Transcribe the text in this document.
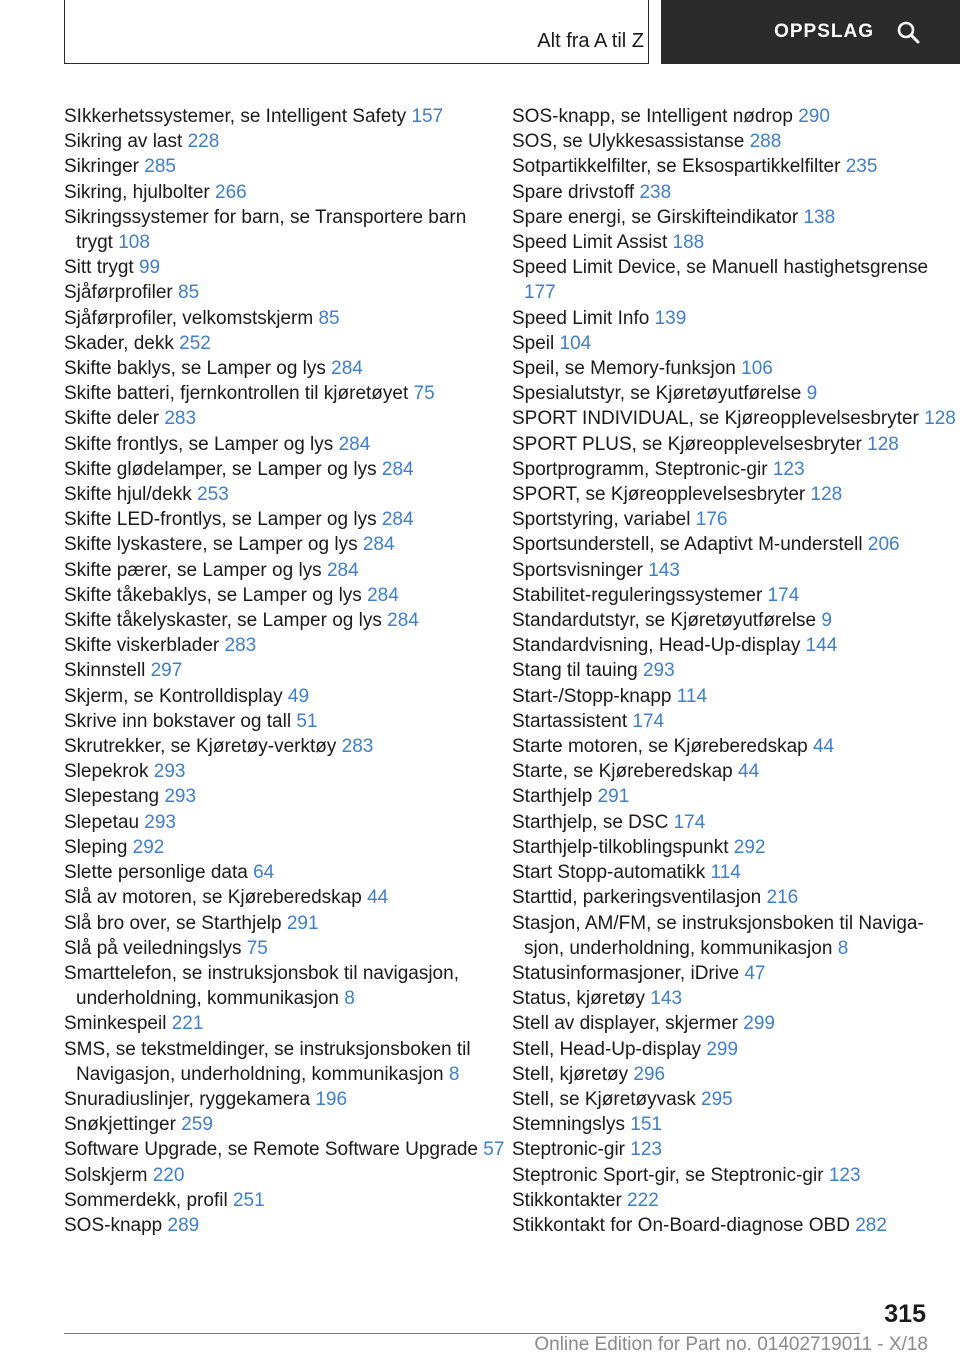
Alt fra A til Z	OPPSLAG
SIkkerhetssystemer, se Intelligent Safety 157
Sikring av last 228
Sikringer 285
Sikring, hjulbolter 266
Sikringssystemer for barn, se Transportere barn trygt 108
Sitt trygt 99
Sjåførprofiler 85
Sjåførprofiler, velkomstskjerm 85
Skader, dekk 252
Skifte baklys, se Lamper og lys 284
Skifte batteri, fjernkontrollen til kjøretøyet 75
Skifte deler 283
Skifte frontlys, se Lamper og lys 284
Skifte glødelamper, se Lamper og lys 284
Skifte hjul/dekk 253
Skifte LED-frontlys, se Lamper og lys 284
Skifte lyskastere, se Lamper og lys 284
Skifte pærer, se Lamper og lys 284
Skifte tåkebaklys, se Lamper og lys 284
Skifte tåkelyskaster, se Lamper og lys 284
Skifte viskerblader 283
Skinnstell 297
Skjerm, se Kontrolldisplay 49
Skrive inn bokstaver og tall 51
Skrutrekker, se Kjøretøy-verktøy 283
Slepekrok 293
Slepestang 293
Slepetau 293
Sleping 292
Slette personlige data 64
Slå av motoren, se Kjøreberedskap 44
Slå bro over, se Starthjelp 291
Slå på veiledningslys 75
Smarttelefon, se instruksjonsbok til navigasjon, underholdning, kommunikasjon 8
Sminkespeil 221
SMS, se tekstmeldinger, se instruksjonsboken til Navigasjon, underholdning, kommunikasjon 8
Snuradiuslinjer, ryggekamera 196
Snøkjettinger 259
Software Upgrade, se Remote Software Upgrade 57
Solskjerm 220
Sommerdekk, profil 251
SOS-knapp 289
SOS-knapp, se Intelligent nødrop 290
SOS, se Ulykkesassistanse 288
Sotpartikkelfilter, se Eksospartikkelfilter 235
Spare drivstoff 238
Spare energi, se Girskifteindikator 138
Speed Limit Assist 188
Speed Limit Device, se Manuell hastighetsgrense 177
Speed Limit Info 139
Speil 104
Speil, se Memory-funksjon 106
Spesialutstyr, se Kjøretøyutførelse 9
SPORT INDIVIDUAL, se Kjøreopplevelsesbryter 128
SPORT PLUS, se Kjøreopplevelsesbryter 128
Sportprogramm, Steptronic-gir 123
SPORT, se Kjøreopplevelsesbryter 128
Sportstyring, variabel 176
Sportsunderstell, se Adaptivt M-understell 206
Sportsvisninger 143
Stabilitet-reguleringssystemer 174
Standardutstyr, se Kjøretøyutførelse 9
Standardvisning, Head-Up-display 144
Stang til tauing 293
Start-/Stopp-knapp 114
Startassistent 174
Starte motoren, se Kjøreberedskap 44
Starte, se Kjøreberedskap 44
Starthjelp 291
Starthjelp, se DSC 174
Starthjelp-tilkoblingspunkt 292
Start Stopp-automatikk 114
Starttid, parkeringsventilasjon 216
Stasjon, AM/FM, se instruksjonsboken til Navigasjon, underholdning, kommunikasjon 8
Statusinformasjoner, iDrive 47
Status, kjøretøy 143
Stell av displayer, skjermer 299
Stell, Head-Up-display 299
Stell, kjøretøy 296
Stell, se Kjøretøyvask 295
Stemningslys 151
Steptronic-gir 123
Steptronic Sport-gir, se Steptronic-gir 123
Stikkontakter 222
Stikkontakt for On-Board-diagnose OBD 282
315
Online Edition for Part no. 01402719011 - X/18
